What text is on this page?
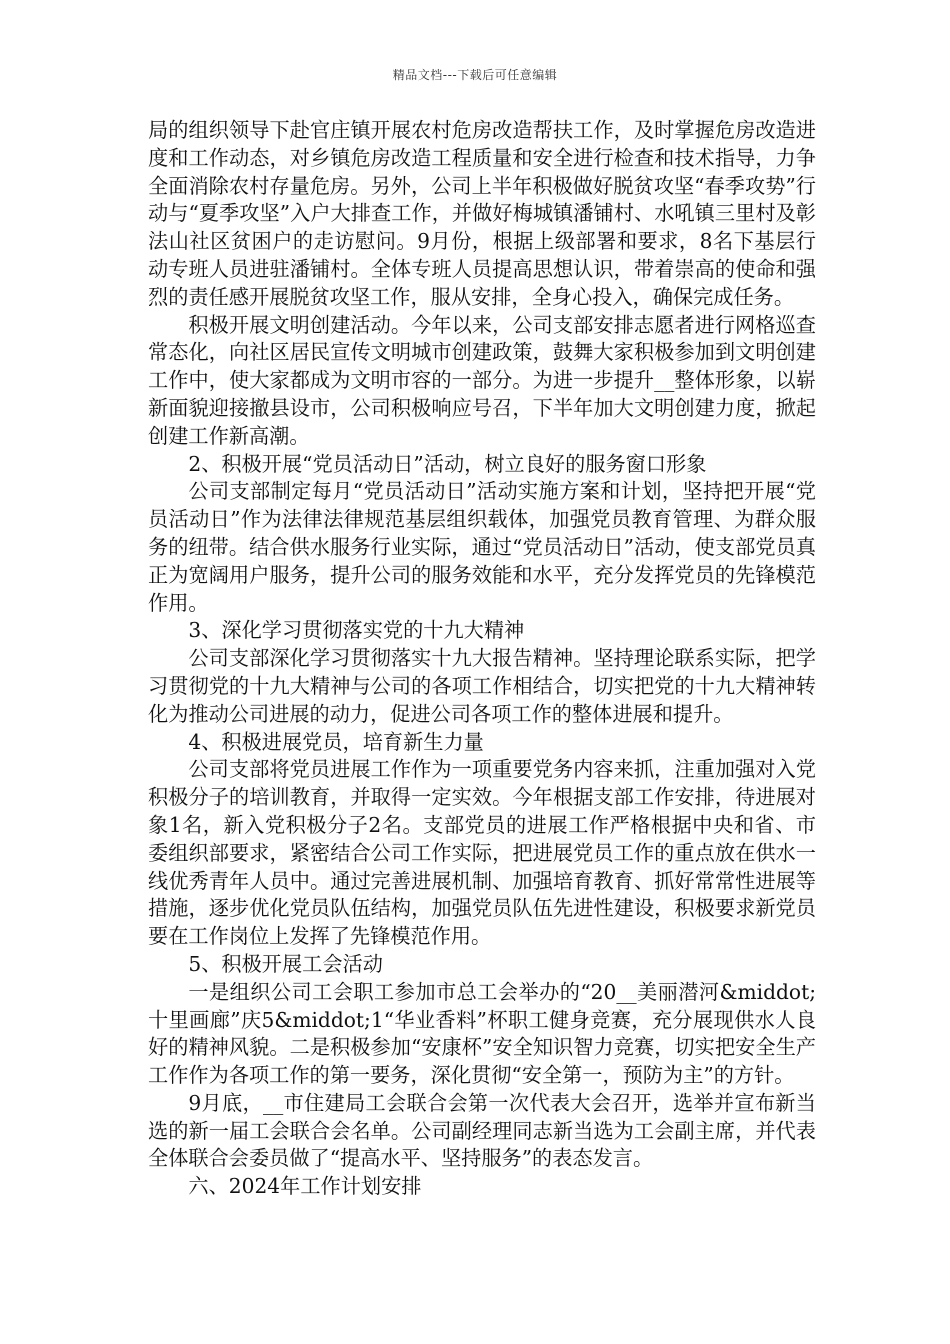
精品文档---下载后可任意编辑

局的组织领导下赴官庄镇开展农村危房改造帮扶工作，及时掌握危房改造进度和工作动态，对乡镇危房改造工程质量和安全进行检查和技术指导，力争全面消除农村存量危房。另外，公司上半年积极做好脱贫攻坚“春季攻势”行动与“夏季攻坚”入户大排查工作，并做好梅城镇潘铺村、水吼镇三里村及彰法山社区贫困户的走访慰问。9月份，根据上级部署和要求，8名下基层行动专班人员进驻潘铺村。全体专班人员提高思想认识，带着崇高的使命和强烈的责任感开展脱贫攻坚工作，服从安排，全身心投入，确保完成任务。

积极开展文明创建活动。今年以来，公司支部安排志愿者进行网格巡查常态化，向社区居民宣传文明城市创建政策，鼓舞大家积极参加到文明创建工作中，使大家都成为文明市容的一部分。为进一步提升__整体形象，以崭新面貌迎接撤县设市，公司积极响应号召，下半年加大文明创建力度，掀起创建工作新高潮。

2、积极开展“党员活动日”活动，树立良好的服务窗口形象

公司支部制定每月“党员活动日”活动实施方案和计划，坚持把开展“党员活动日”作为法律法律规范基层组织载体，加强党员教育管理、为群众服务的纽带。结合供水服务行业实际，通过“党员活动日”活动，使支部党员真正为宽阔用户服务，提升公司的服务效能和水平，充分发挥党员的先锋模范作用。

3、深化学习贯彻落实党的十九大精神

公司支部深化学习贯彻落实十九大报告精神。坚持理论联系实际，把学习贯彻党的十九大精神与公司的各项工作相结合，切实把党的十九大精神转化为推动公司进展的动力，促进公司各项工作的整体进展和提升。

4、积极进展党员，培育新生力量

公司支部将党员进展工作作为一项重要党务内容来抓，注重加强对入党积极分子的培训教育，并取得一定实效。今年根据支部工作安排，待进展对象1名，新入党积极分子2名。支部党员的进展工作严格根据中央和省、市委组织部要求，紧密结合公司工作实际，把进展党员工作的重点放在供水一线优秀青年人员中。通过完善进展机制、加强培育教育、抓好常常性进展等措施，逐步优化党员队伍结构，加强党员队伍先进性建设，积极要求新党员要在工作岗位上发挥了先锋模范作用。

5、积极开展工会活动

一是组织公司工会职工参加市总工会举办的“20__美丽潜河&middot;十里画廊”庆5&middot;1“华业香料”杯职工健身竞赛，充分展现供水人良好的精神风貌。二是积极参加“安康杯”安全知识智力竞赛，切实把安全生产工作作为各项工作的第一要务，深化贯彻“安全第一，预防为主”的方针。

9月底，__市住建局工会联合会第一次代表大会召开，选举并宣布新当选的新一届工会联合会名单。公司副经理同志新当选为工会副主席，并代表全体联合会委员做了“提高水平、坚持服务”的表态发言。

六、2024年工作计划安排
